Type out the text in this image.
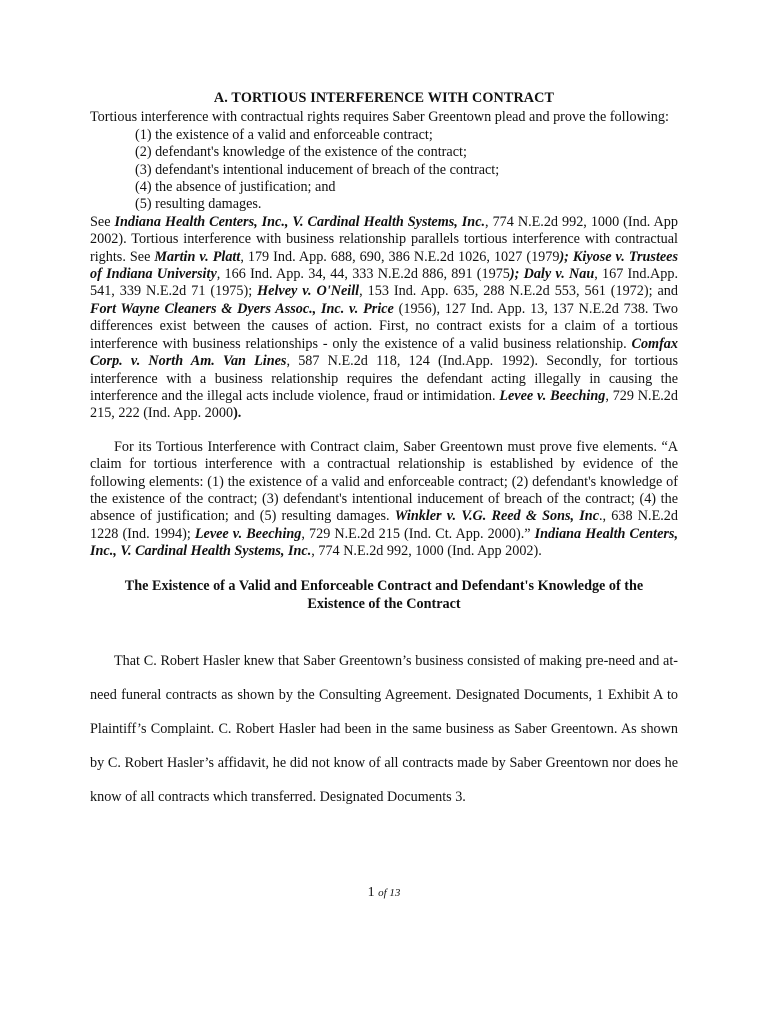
A. TORTIOUS INTERFERENCE WITH CONTRACT

Tortious interference with contractual rights requires Saber Greentown plead and prove the following:

(1) the existence of a valid and enforceable contract;
(2) defendant's knowledge of the existence of the contract;
(3) defendant's intentional inducement of breach of the contract;
(4) the absence of justification; and
(5) resulting damages.

See Indiana Health Centers, Inc., V. Cardinal Health Systems, Inc., 774 N.E.2d 992, 1000 (Ind. App 2002). Tortious interference with business relationship parallels tortious interference with contractual rights. See Martin v. Platt, 179 Ind. App. 688, 690, 386 N.E.2d 1026, 1027 (1979); Kiyose v. Trustees of Indiana University, 166 Ind. App. 34, 44, 333 N.E.2d 886, 891 (1975); Daly v. Nau, 167 Ind.App. 541, 339 N.E.2d 71 (1975); Helvey v. O'Neill, 153 Ind. App. 635, 288 N.E.2d 553, 561 (1972); and Fort Wayne Cleaners & Dyers Assoc., Inc. v. Price (1956), 127 Ind. App. 13, 137 N.E.2d 738. Two differences exist between the causes of action. First, no contract exists for a claim of a tortious interference with business relationships - only the existence of a valid business relationship. Comfax Corp. v. North Am. Van Lines, 587 N.E.2d 118, 124 (Ind.App. 1992). Secondly, for tortious interference with a business relationship requires the defendant acting illegally in causing the interference and the illegal acts include violence, fraud or intimidation. Levee v. Beeching, 729 N.E.2d 215, 222 (Ind. App. 2000).

For its Tortious Interference with Contract claim, Saber Greentown must prove five elements. “A claim for tortious interference with a contractual relationship is established by evidence of the following elements: (1) the existence of a valid and enforceable contract; (2) defendant's knowledge of the existence of the contract; (3) defendant's intentional inducement of breach of the contract; (4) the absence of justification; and (5) resulting damages. Winkler v. V.G. Reed & Sons, Inc., 638 N.E.2d 1228 (Ind. 1994); Levee v. Beeching, 729 N.E.2d 215 (Ind. Ct. App. 2000).” Indiana Health Centers, Inc., V. Cardinal Health Systems, Inc., 774 N.E.2d 992, 1000 (Ind. App 2002).

The Existence of a Valid and Enforceable Contract and Defendant's Knowledge of the Existence of the Contract

That C. Robert Hasler knew that Saber Greentown’s business consisted of making pre-need and at-need funeral contracts as shown by the Consulting Agreement. Designated Documents, 1 Exhibit A to Plaintiff’s Complaint. C. Robert Hasler had been in the same business as Saber Greentown. As shown by C. Robert Hasler’s affidavit, he did not know of all contracts made by Saber Greentown nor does he know of all contracts which transferred. Designated Documents 3.

1 of 13
